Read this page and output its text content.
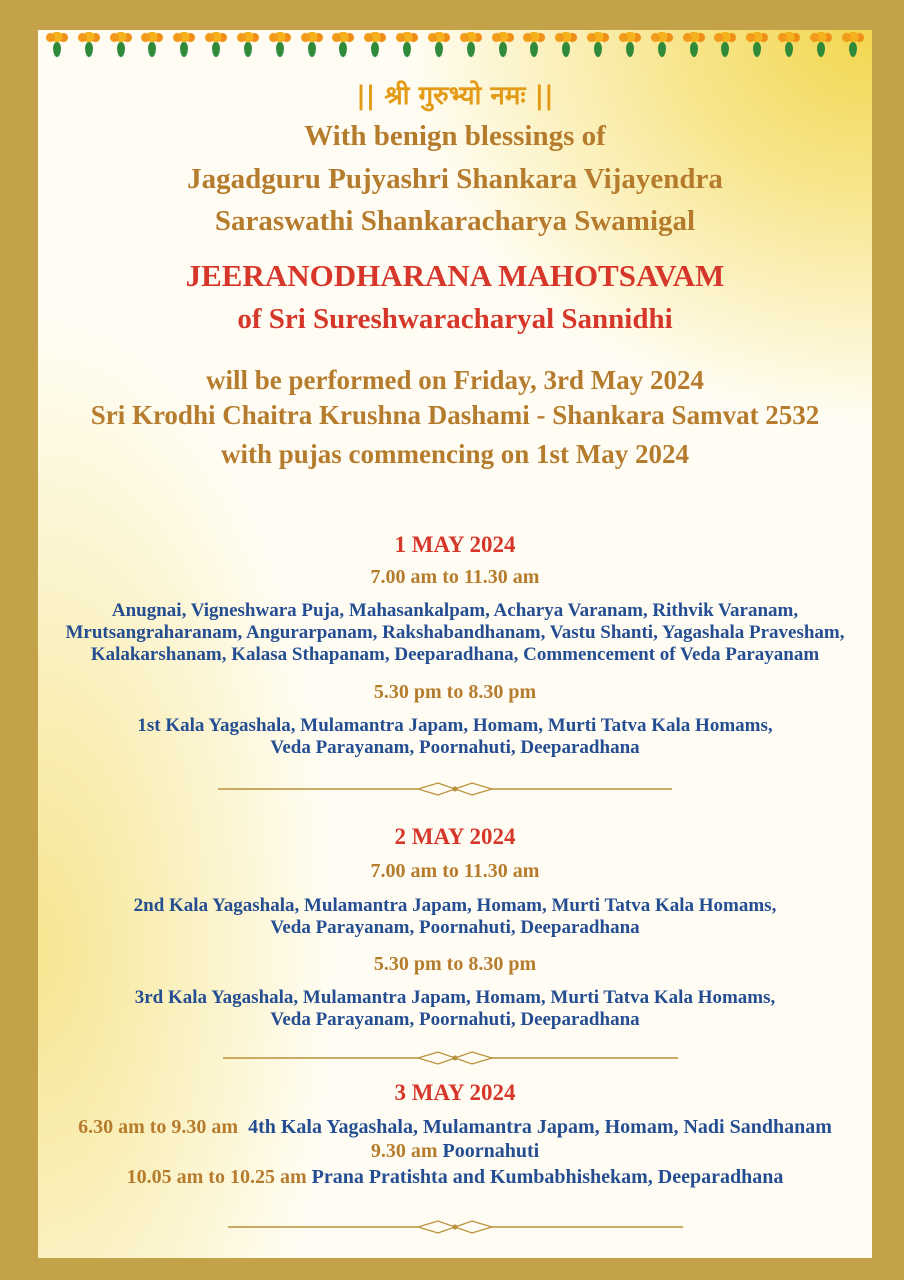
|| श्री गुरुभ्यो नमः ||
With benign blessings of
Jagadguru Pujyashri Shankara Vijayendra
Saraswathi Shankaracharya Swamigal
JEERANODHARANA MAHOTSAVAM
of Sri Sureshwaracharyal Sannidhi
will be performed on Friday, 3rd May 2024
Sri Krodhi Chaitra Krushna Dashami - Shankara Samvat 2532
with pujas commencing on 1st May 2024
1 MAY 2024
7.00 am to 11.30 am
Anugnai, Vigneshwara Puja, Mahasankalpam, Acharya Varanam, Rithvik Varanam,
Mrutsangraharanam, Angurarpanam, Rakshabandhanam, Vastu Shanti, Yagashala Pravesham,
Kalakarshanam, Kalasa Sthapanam, Deeparadhana, Commencement of Veda Parayanam
5.30 pm to 8.30 pm
1st Kala Yagashala, Mulamantra Japam, Homam, Murti Tatva Kala Homams,
Veda Parayanam, Poornahuti, Deeparadhana
2 MAY 2024
7.00 am to 11.30 am
2nd Kala Yagashala, Mulamantra Japam, Homam, Murti Tatva Kala Homams,
Veda Parayanam, Poornahuti, Deeparadhana
5.30 pm to 8.30 pm
3rd Kala Yagashala, Mulamantra Japam, Homam, Murti Tatva Kala Homams,
Veda Parayanam, Poornahuti, Deeparadhana
3 MAY 2024
6.30 am to 9.30 am 4th Kala Yagashala, Mulamantra Japam, Homam, Nadi Sandhanam
9.30 am Poornahuti
10.05 am to 10.25 am Prana Pratishta and Kumbabhishekam, Deeparadhana
